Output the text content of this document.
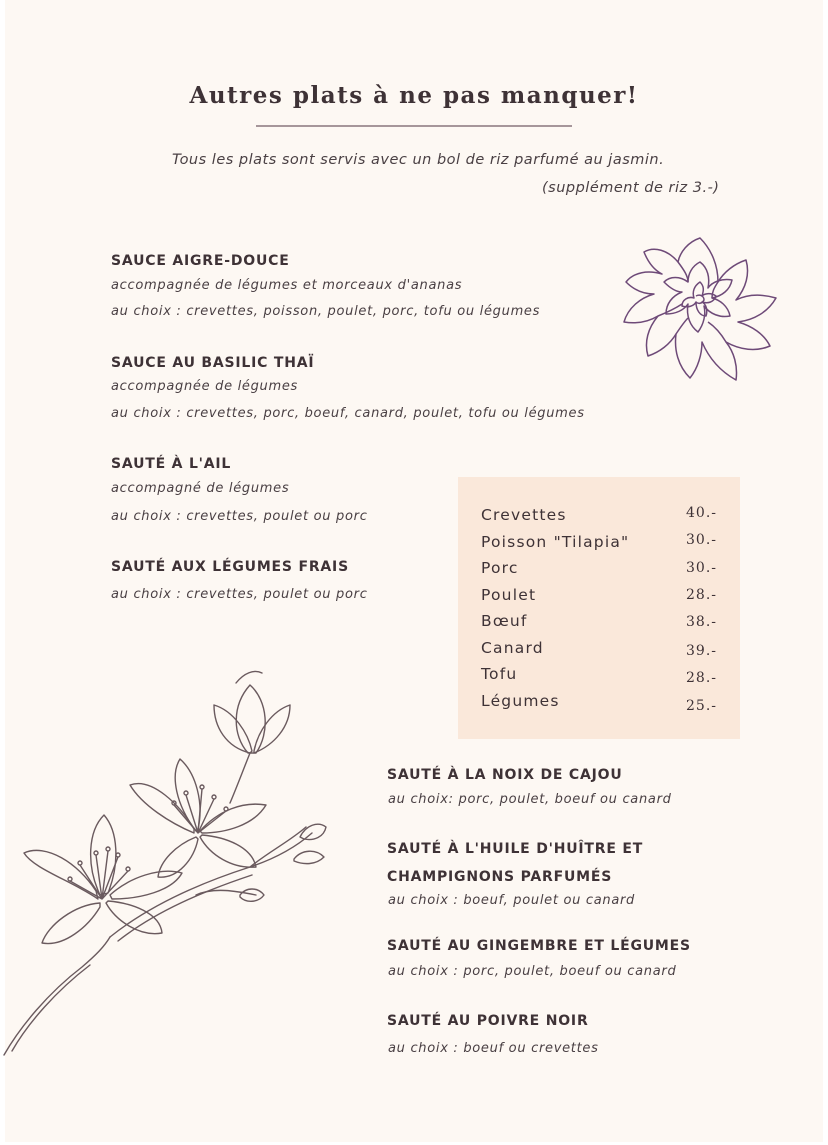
Autres plats à ne pas manquer!
Tous les plats sont servis avec un bol de riz parfumé au jasmin.
(supplément de riz 3.-)
SAUCE AIGRE-DOUCE
accompagnée de légumes et morceaux d'ananas
au choix : crevettes, poisson, poulet, porc, tofu ou légumes
SAUCE AU BASILIC THAÏ
accompagnée de légumes
au choix : crevettes, porc, boeuf, canard, poulet, tofu ou légumes
SAUTÉ À L'AIL
accompagné de légumes
au choix : crevettes, poulet ou porc
SAUTÉ AUX LÉGUMES FRAIS
au choix : crevettes, poulet ou porc
Crevettes	40.-
Poisson "Tilapia"	30.-
Porc	30.-
Poulet	28.-
Bœuf	38.-
Canard	39.-
Tofu	28.-
Légumes	25.-
SAUTÉ À LA NOIX DE CAJOU
au choix: porc, poulet, boeuf ou canard
SAUTÉ À L'HUILE D'HUÎTRE ET
CHAMPIGNONS PARFUMÉS
au choix : boeuf, poulet ou canard
SAUTÉ AU GINGEMBRE ET LÉGUMES
au choix : porc, poulet, boeuf ou canard
SAUTÉ AU POIVRE NOIR
au choix : boeuf ou crevettes
